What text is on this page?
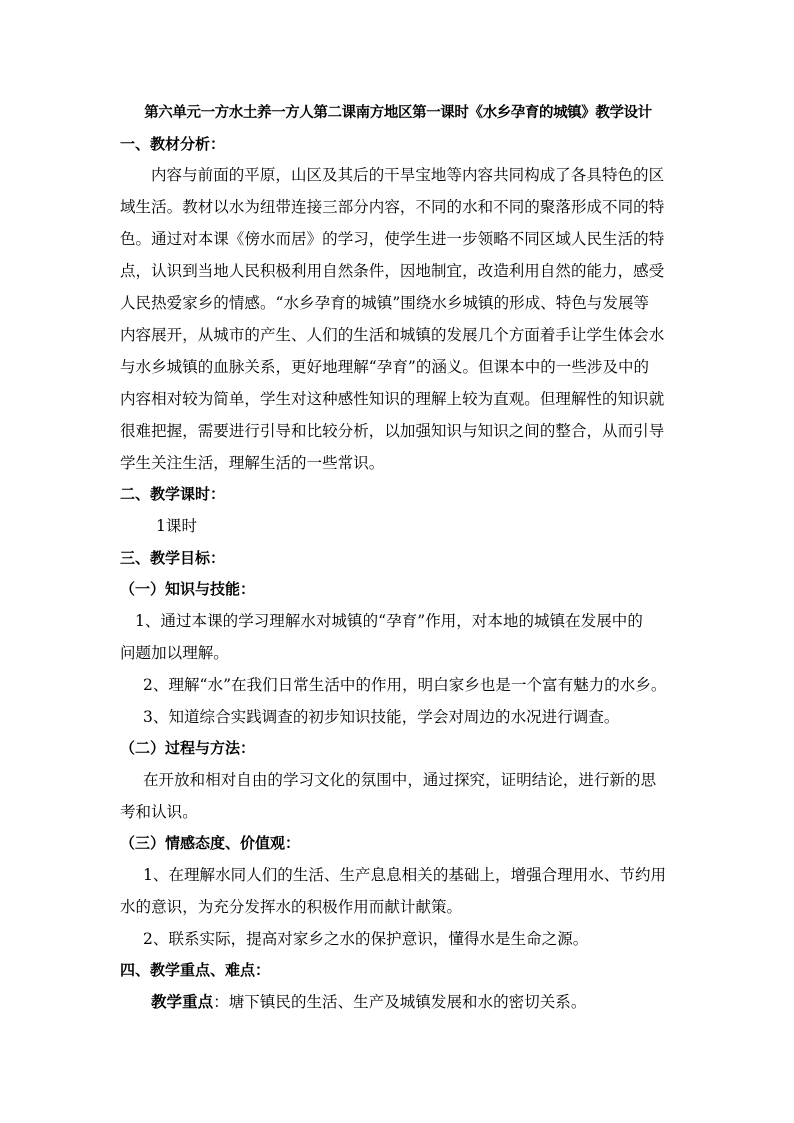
第六单元一方水土养一方人第二课南方地区第一课时《水乡孕育的城镇》教学设计
一、教材分析：
内容与前面的平原，山区及其后的干旱宝地等内容共同构成了各具特色的区
域生活。教材以水为纽带连接三部分内容，不同的水和不同的聚落形成不同的特
色。通过对本课《傍水而居》的学习，使学生进一步领略不同区域人民生活的特
点，认识到当地人民积极利用自然条件，因地制宜，改造利用自然的能力，感受
人民热爱家乡的情感。“水乡孕育的城镇”围绕水乡城镇的形成、特色与发展等
内容展开，从城市的产生、人们的生活和城镇的发展几个方面着手让学生体会水
与水乡城镇的血脉关系，更好地理解“孕育”的涵义。但课本中的一些涉及中的
内容相对较为简单，学生对这种感性知识的理解上较为直观。但理解性的知识就
很难把握，需要进行引导和比较分析，以加强知识与知识之间的整合，从而引导
学生关注生活，理解生活的一些常识。
二、教学课时：
1课时
三、教学目标：
（一）知识与技能：
1、通过本课的学习理解水对城镇的“孕育”作用，对本地的城镇在发展中的
问题加以理解。
2、理解“水”在我们日常生活中的作用，明白家乡也是一个富有魅力的水乡。
3、知道综合实践调查的初步知识技能，学会对周边的水况进行调查。
（二）过程与方法：
在开放和相对自由的学习文化的氛围中，通过探究，证明结论，进行新的思
考和认识。
（三）情感态度、价值观：
1、在理解水同人们的生活、生产息息相关的基础上，增强合理用水、节约用
水的意识，为充分发挥水的积极作用而献计献策。
2、联系实际，提高对家乡之水的保护意识，懂得水是生命之源。
四、教学重点、难点：
教学重点：塘下镇民的生活、生产及城镇发展和水的密切关系。
